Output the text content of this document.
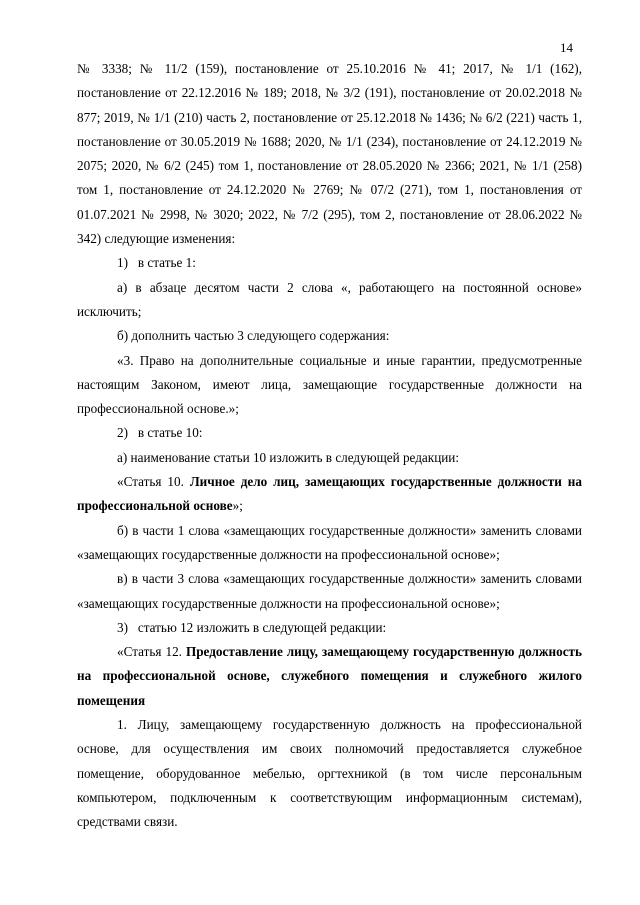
14

№ 3338; № 11/2 (159), постановление от 25.10.2016 № 41; 2017, № 1/1 (162), постановление от 22.12.2016 № 189; 2018, № 3/2 (191), постановление от 20.02.2018 № 877; 2019, № 1/1 (210) часть 2, постановление от 25.12.2018 № 1436; № 6/2 (221) часть 1, постановление от 30.05.2019 № 1688; 2020, № 1/1 (234), постановление от 24.12.2019 № 2075; 2020, № 6/2 (245) том 1, постановление от 28.05.2020 № 2366; 2021, № 1/1 (258) том 1, постановление от 24.12.2020 № 2769; № 07/2 (271), том 1, постановления от 01.07.2021 № 2998, № 3020; 2022, № 7/2 (295), том 2, постановление от 28.06.2022 № 342) следующие изменения:

1)   в статье 1:

а) в абзаце десятом части 2 слова «, работающего на постоянной основе» исключить;

б) дополнить частью 3 следующего содержания:

«3. Право на дополнительные социальные и иные гарантии, предусмотренные настоящим Законом, имеют лица, замещающие государственные должности на профессиональной основе.»;

2)   в статье 10:

а) наименование статьи 10 изложить в следующей редакции:

«Статья 10. Личное дело лиц, замещающих государственные должности на профессиональной основе»;

б) в части 1 слова «замещающих государственные должности» заменить словами «замещающих государственные должности на профессиональной основе»;

в) в части 3 слова «замещающих государственные должности» заменить словами «замещающих государственные должности на профессиональной основе»;

3)   статью 12 изложить в следующей редакции:

«Статья 12. Предоставление лицу, замещающему государственную должность на профессиональной основе, служебного помещения и служебного жилого помещения

1. Лицу, замещающему государственную должность на профессиональной основе, для осуществления им своих полномочий предоставляется служебное помещение, оборудованное мебелью, оргтехникой (в том числе персональным компьютером, подключенным к соответствующим информационным системам), средствами связи.
